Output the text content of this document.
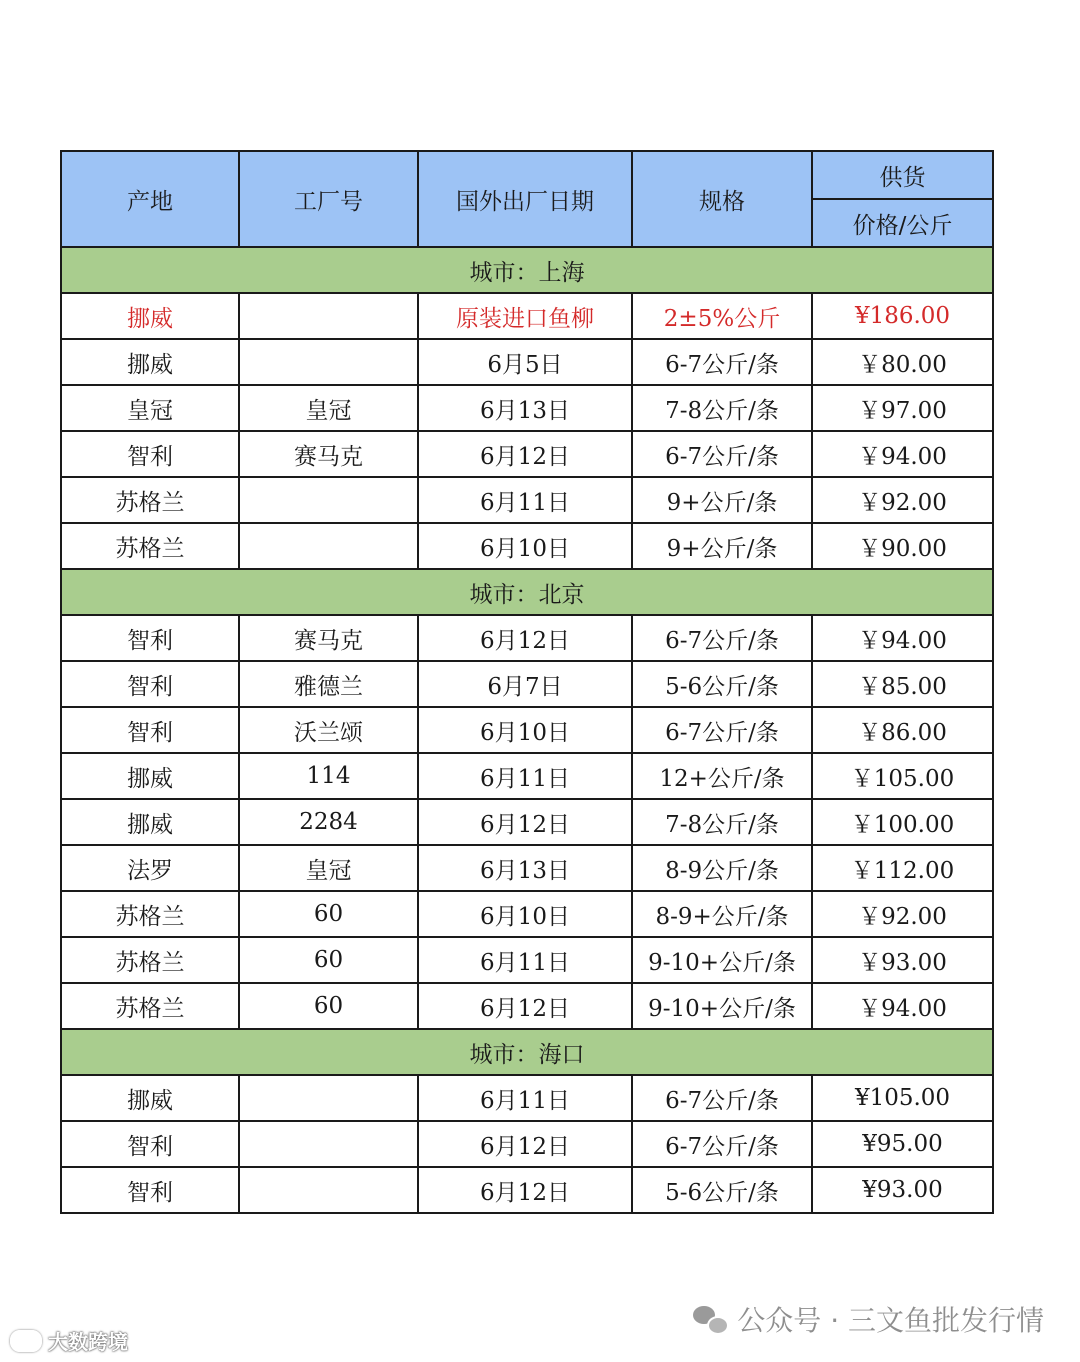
产地	工厂号	国外出厂日期	规格	供货
				价格/公斤
城市：上海				
挪威		原装进口鱼柳	2±5%公斤	¥186.00
挪威		6月5日	6-7公斤/条	￥80.00
皇冠	皇冠	6月13日	7-8公斤/条	￥97.00
智利	赛马克	6月12日	6-7公斤/条	￥94.00
苏格兰		6月11日	9+公斤/条	￥92.00
苏格兰		6月10日	9+公斤/条	￥90.00
城市：北京				
智利	赛马克	6月12日	6-7公斤/条	￥94.00
智利	雅德兰	6月7日	5-6公斤/条	￥85.00
智利	沃兰颂	6月10日	6-7公斤/条	￥86.00
挪威	114	6月11日	12+公斤/条	￥105.00
挪威	2284	6月12日	7-8公斤/条	￥100.00
法罗	皇冠	6月13日	8-9公斤/条	￥112.00
苏格兰	60	6月10日	8-9+公斤/条	￥92.00
苏格兰	60	6月11日	9-10+公斤/条	￥93.00
苏格兰	60	6月12日	9-10+公斤/条	￥94.00
城市：海口				
挪威		6月11日	6-7公斤/条	¥105.00
智利		6月12日	6-7公斤/条	¥95.00
智利		6月12日	5-6公斤/条	¥93.00
公众号 · 三文鱼批发行情
大数跨境
